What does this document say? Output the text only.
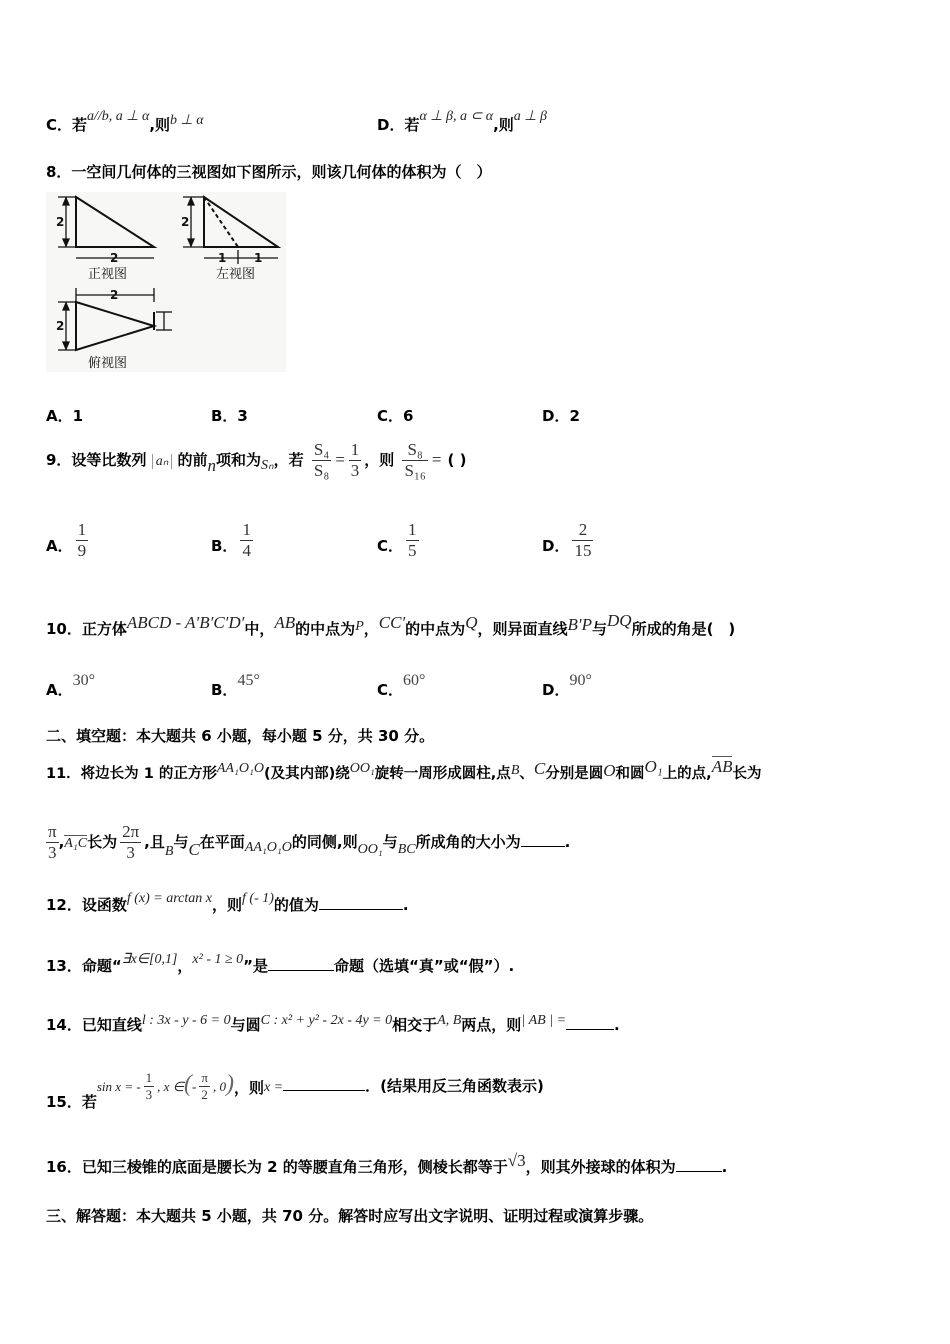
C．若a//b, a ⊥ α,则b ⊥ α	D．若α ⊥ β, a ⊂ α,则a ⊥ β
8．一空间几何体的三视图如下图所示，则该几何体的体积为（　）
2
2
2
1 1
2
2
正视图	左视图
俯视图
A．1	B．3	C．6	D．2
9．设等比数列 aₙ 的前n项和为Sₙ，若 $\frac{\text{S₄}}{\text{S₈}} = \frac{1}{3}$ ，则 $\frac{\text{S₈}}{\text{S₁₆}}$ = ( )
A． $\frac{1}{9}$	B． $\frac{1}{4}$	C． $\frac{1}{5}$	D． $\frac{2}{15}$
10．正方体ABCD - A′B′C′D′中，AB的中点为P，CC′的中点为Q，则异面直线B′P与DQ所成的角是(　)
A．30°
B．45°
C．60°
D．90°
二、填空题：本大题共 6 小题，每小题 5 分，共 30 分。
11．将边长为 1 的正方形AA₁O₁O(及其内部)绕OO₁旋转一周形成圆柱,点B、C分别是圆O和圆O₁上的点,AB长为
$\frac{\pi}{3} ,A_1C$长为 $\frac{2\pi}{3}$ ,且B与C在平面AA₁O₁O的同侧,则OO₁与BC所成角的大小为	.
12．设函数f (x) = arctan x，则f (- 1)的值为	.
13．命题“∃x∈[0,1]，x² - 1 ≥ 0”是	命题（选填“真”或“假”）.
14．已知直线l : 3x - y - 6 = 0与圆C : x² + y² - 2x - 4y = 0相交于A, B两点，则| AB | =	.
15．若sin x = - $\frac{1}{3}$ , x ∈(- $\frac{\pi}{2}$ , 0)，则x =	．(结果用反三角函数表示)
16．已知三棱锥的底面是腰长为 2 的等腰直角三角形，侧棱长都等于√3，则其外接球的体积为	.
三、解答题：本大题共 5 小题，共 70 分。解答时应写出文字说明、证明过程或演算步骤。
